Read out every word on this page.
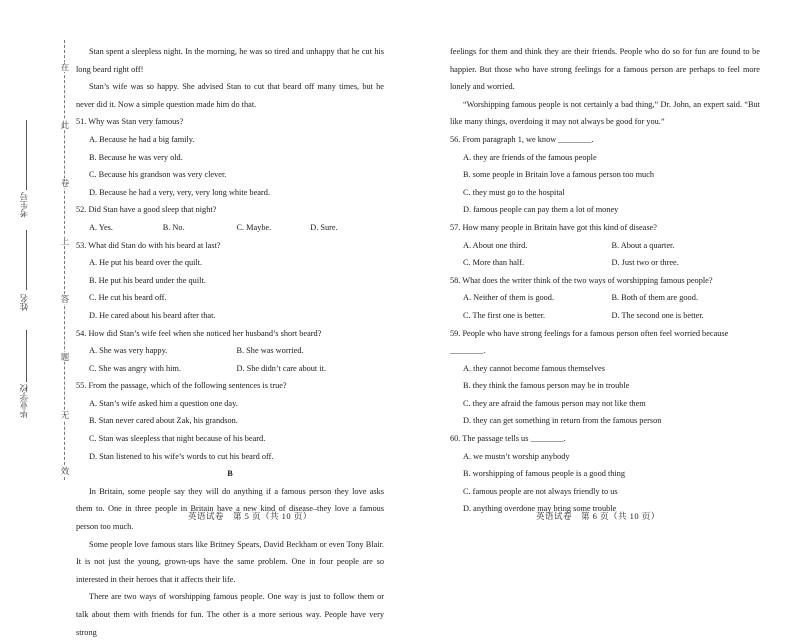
在
此
卷
上
答
题
无
效
考生号
姓名
毕业学校
Stan spent a sleepless night. In the morning, he was so tired and unhappy that he cut his long beard right off!
Stan’s wife was so happy. She advised Stan to cut that beard off many times, but he never did it. Now a simple question made him do that.
51. Why was Stan very famous?
A. Because he had a big family.
B. Because he was very old.
C. Because his grandson was very clever.
D. Because he had a very, very, very long white beard.
52. Did Stan have a good sleep that night?
A. Yes.	B. No.	C. Maybe.	D. Sure.
53. What did Stan do with his beard at last?
A. He put his beard over the quilt.
B. He put his beard under the quilt.
C. He cut his beard off.
D. He cared about his beard after that.
54. How did Stan’s wife feel when she noticed her husband’s short beard?
A. She was very happy.	B. She was worried.
C. She was angry with him.	D. She didn’t care about it.
55. From the passage, which of the following sentences is true?
A. Stan’s wife asked him a question one day.
B. Stan never cared about Zak, his grandson.
C. Stan was sleepless that night because of his beard.
D. Stan listened to his wife’s words to cut his beard off.
B
In Britain, some people say they will do anything if a famous person they love asks them to. One in three people in Britain have a new kind of disease–they love a famous person too much.
Some people love famous stars like Britney Spears, David Beckham or even Tony Blair. It is not just the young, grown-ups have the same problem. One in four people are so interested in their heroes that it affects their life.
There are two ways of worshipping famous people. One way is just to follow them or talk about them with friends for fun. The other is a more serious way. People have very strong
英语试卷　第 5 页（共 10 页）
feelings for them and think they are their friends. People who do so for fun are found to be happier. But those who have strong feelings for a famous person are perhaps to feel more lonely and worried.
“Worshipping famous people is not certainly a bad thing,” Dr. John, an expert said. “But like many things, overdoing it may not always be good for you.”
56. From paragraph 1, we know ________.
A. they are friends of the famous people
B. some people in Britain love a famous person too much
C. they must go to the hospital
D. famous people can pay them a lot of money
57. How many people in Britain have got this kind of disease?
A. About one third.	B. About a quarter.
C. More than half.	D. Just two or three.
58. What does the writer think of the two ways of worshipping famous people?
A. Neither of them is good.	B. Both of them are good.
C. The first one is better.	D. The second one is better.
59. People who have strong feelings for a famous person often feel worried because ________.
A. they cannot become famous themselves
B. they think the famous person may be in trouble
C. they are afraid the famous person may not like them
D. they can get something in return from the famous person
60. The passage tells us ________.
A. we mustn’t worship anybody
B. worshipping of famous people is a good thing
C. famous people are not always friendly to us
D. anything overdone may bring some trouble
英语试卷　第 6 页（共 10 页）
